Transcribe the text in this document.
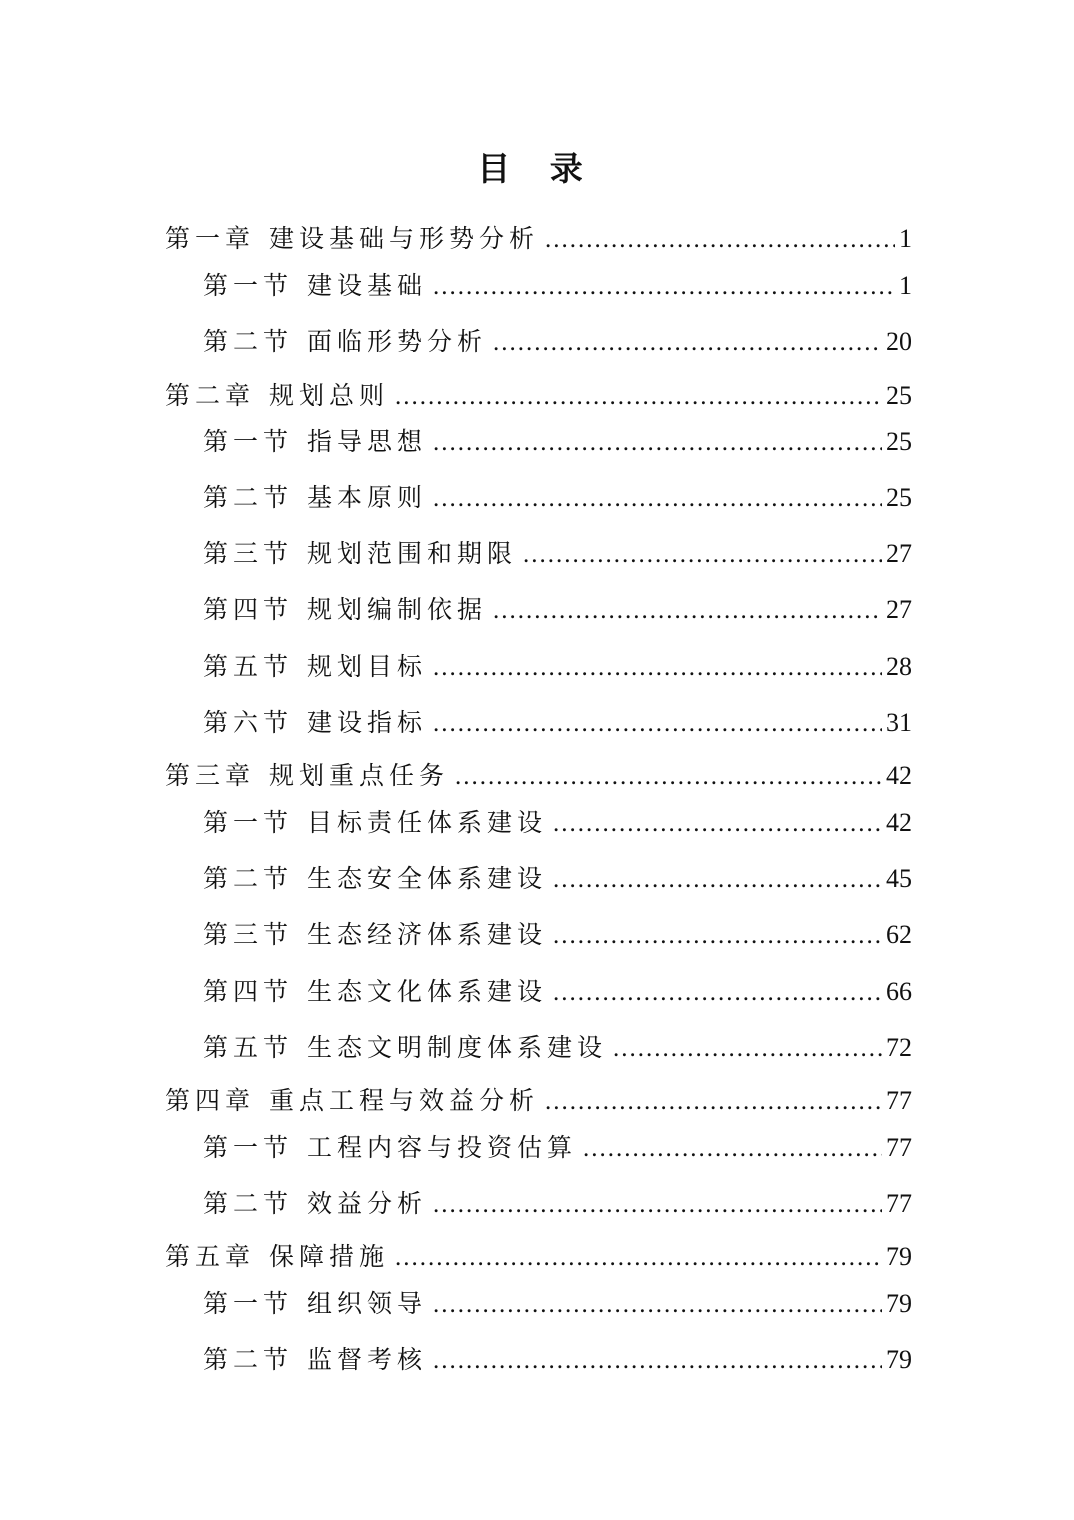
目 录
第一章 建设基础与形势分析 .....	1
第一节 建设基础 .....	1
第二节 面临形势分析 .....	20
第二章 规划总则 .....	25
第一节 指导思想 .....	25
第二节 基本原则 .....	25
第三节 规划范围和期限 .....	27
第四节 规划编制依据 .....	27
第五节 规划目标 .....	28
第六节 建设指标 .....	31
第三章 规划重点任务 .....	42
第一节 目标责任体系建设 .....	42
第二节 生态安全体系建设 .....	45
第三节 生态经济体系建设 .....	62
第四节 生态文化体系建设 .....	66
第五节 生态文明制度体系建设 .....	72
第四章 重点工程与效益分析 .....	77
第一节 工程内容与投资估算 .....	77
第二节 效益分析 .....	77
第五章 保障措施 .....	79
第一节 组织领导 .....	79
第二节 监督考核 .....	79
